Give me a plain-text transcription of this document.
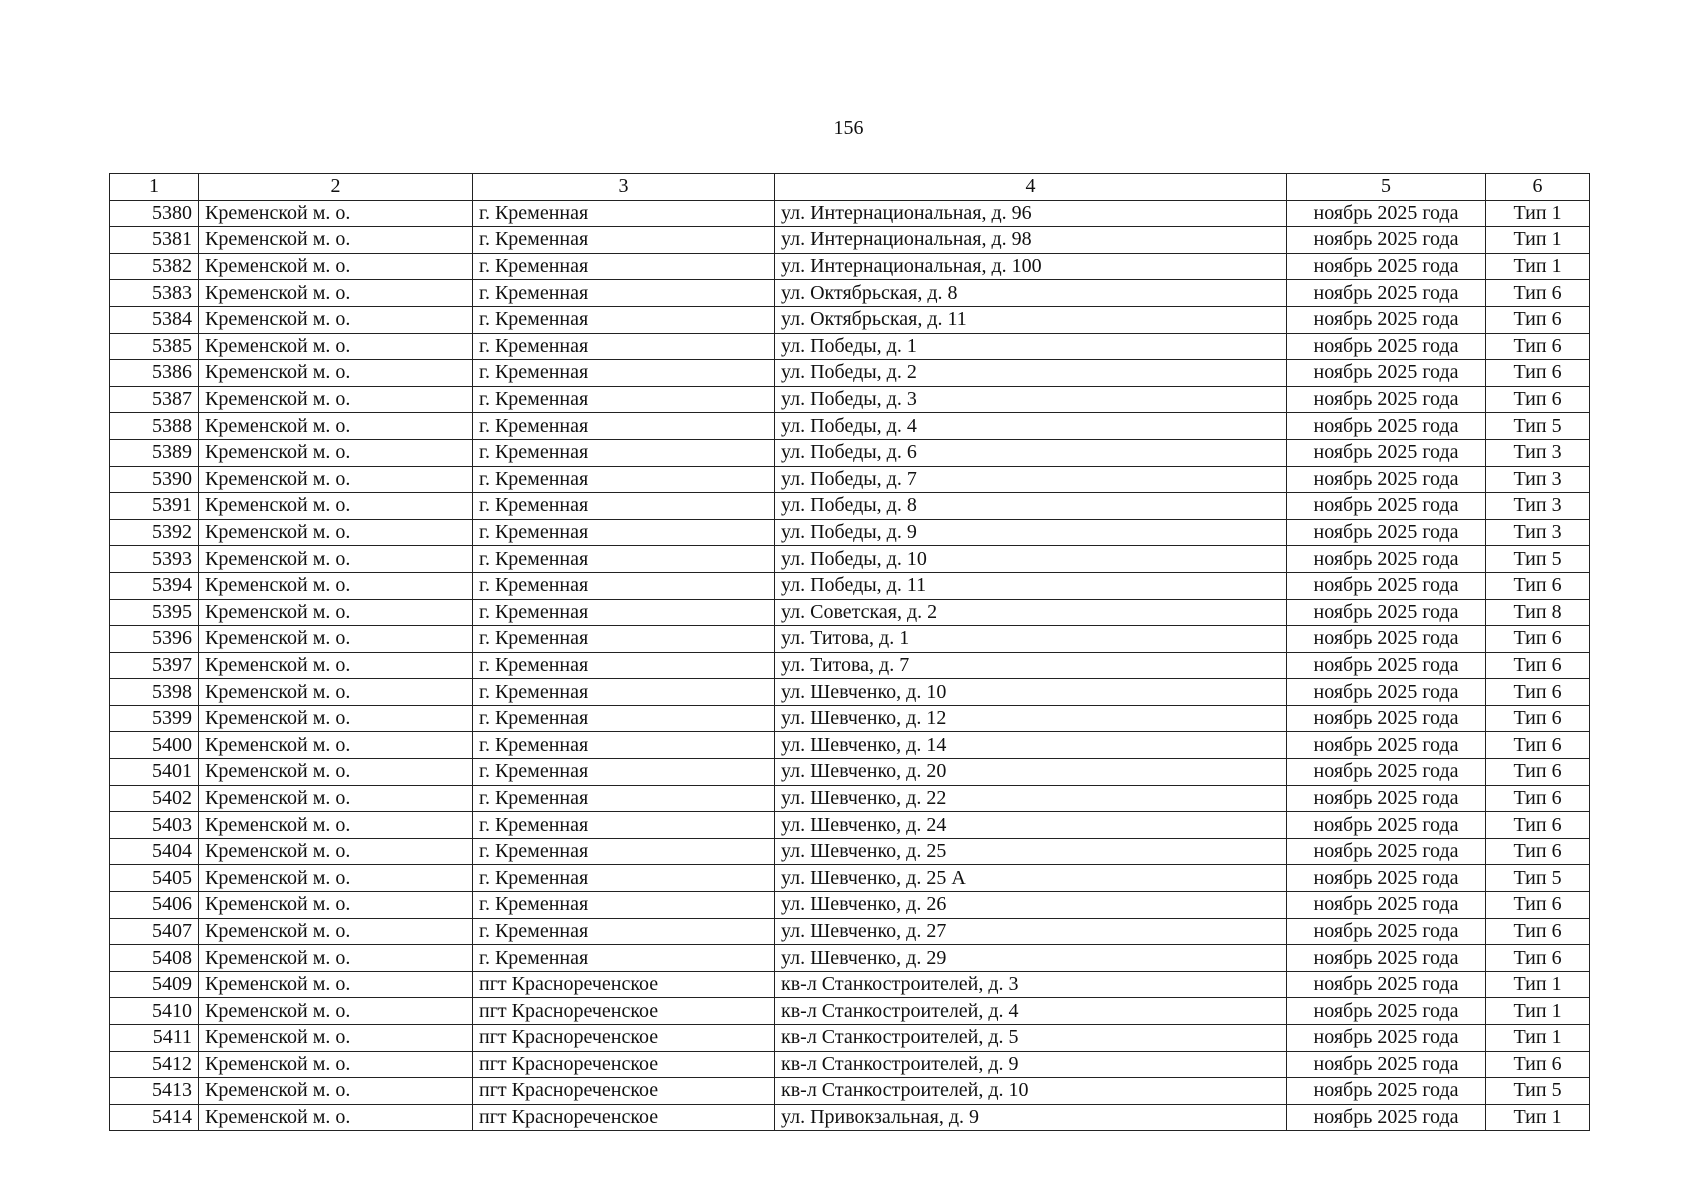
156
1	2	3	4	5	6
5380	Кременской м. о.	г. Кременная	ул. Интернациональная, д. 96	ноябрь 2025 года	Тип 1
5381	Кременской м. о.	г. Кременная	ул. Интернациональная, д. 98	ноябрь 2025 года	Тип 1
5382	Кременской м. о.	г. Кременная	ул. Интернациональная, д. 100	ноябрь 2025 года	Тип 1
5383	Кременской м. о.	г. Кременная	ул. Октябрьская, д. 8	ноябрь 2025 года	Тип 6
5384	Кременской м. о.	г. Кременная	ул. Октябрьская, д. 11	ноябрь 2025 года	Тип 6
5385	Кременской м. о.	г. Кременная	ул. Победы, д. 1	ноябрь 2025 года	Тип 6
5386	Кременской м. о.	г. Кременная	ул. Победы, д. 2	ноябрь 2025 года	Тип 6
5387	Кременской м. о.	г. Кременная	ул. Победы, д. 3	ноябрь 2025 года	Тип 6
5388	Кременской м. о.	г. Кременная	ул. Победы, д. 4	ноябрь 2025 года	Тип 5
5389	Кременской м. о.	г. Кременная	ул. Победы, д. 6	ноябрь 2025 года	Тип 3
5390	Кременской м. о.	г. Кременная	ул. Победы, д. 7	ноябрь 2025 года	Тип 3
5391	Кременской м. о.	г. Кременная	ул. Победы, д. 8	ноябрь 2025 года	Тип 3
5392	Кременской м. о.	г. Кременная	ул. Победы, д. 9	ноябрь 2025 года	Тип 3
5393	Кременской м. о.	г. Кременная	ул. Победы, д. 10	ноябрь 2025 года	Тип 5
5394	Кременской м. о.	г. Кременная	ул. Победы, д. 11	ноябрь 2025 года	Тип 6
5395	Кременской м. о.	г. Кременная	ул. Советская, д. 2	ноябрь 2025 года	Тип 8
5396	Кременской м. о.	г. Кременная	ул. Титова, д. 1	ноябрь 2025 года	Тип 6
5397	Кременской м. о.	г. Кременная	ул. Титова, д. 7	ноябрь 2025 года	Тип 6
5398	Кременской м. о.	г. Кременная	ул. Шевченко, д. 10	ноябрь 2025 года	Тип 6
5399	Кременской м. о.	г. Кременная	ул. Шевченко, д. 12	ноябрь 2025 года	Тип 6
5400	Кременской м. о.	г. Кременная	ул. Шевченко, д. 14	ноябрь 2025 года	Тип 6
5401	Кременской м. о.	г. Кременная	ул. Шевченко, д. 20	ноябрь 2025 года	Тип 6
5402	Кременской м. о.	г. Кременная	ул. Шевченко, д. 22	ноябрь 2025 года	Тип 6
5403	Кременской м. о.	г. Кременная	ул. Шевченко, д. 24	ноябрь 2025 года	Тип 6
5404	Кременской м. о.	г. Кременная	ул. Шевченко, д. 25	ноябрь 2025 года	Тип 6
5405	Кременской м. о.	г. Кременная	ул. Шевченко, д. 25 А	ноябрь 2025 года	Тип 5
5406	Кременской м. о.	г. Кременная	ул. Шевченко, д. 26	ноябрь 2025 года	Тип 6
5407	Кременской м. о.	г. Кременная	ул. Шевченко, д. 27	ноябрь 2025 года	Тип 6
5408	Кременской м. о.	г. Кременная	ул. Шевченко, д. 29	ноябрь 2025 года	Тип 6
5409	Кременской м. о.	пгт Краснореченское	кв-л Станкостроителей, д. 3	ноябрь 2025 года	Тип 1
5410	Кременской м. о.	пгт Краснореченское	кв-л Станкостроителей, д. 4	ноябрь 2025 года	Тип 1
5411	Кременской м. о.	пгт Краснореченское	кв-л Станкостроителей, д. 5	ноябрь 2025 года	Тип 1
5412	Кременской м. о.	пгт Краснореченское	кв-л Станкостроителей, д. 9	ноябрь 2025 года	Тип 6
5413	Кременской м. о.	пгт Краснореченское	кв-л Станкостроителей, д. 10	ноябрь 2025 года	Тип 5
5414	Кременской м. о.	пгт Краснореченское	ул. Привокзальная, д. 9	ноябрь 2025 года	Тип 1
